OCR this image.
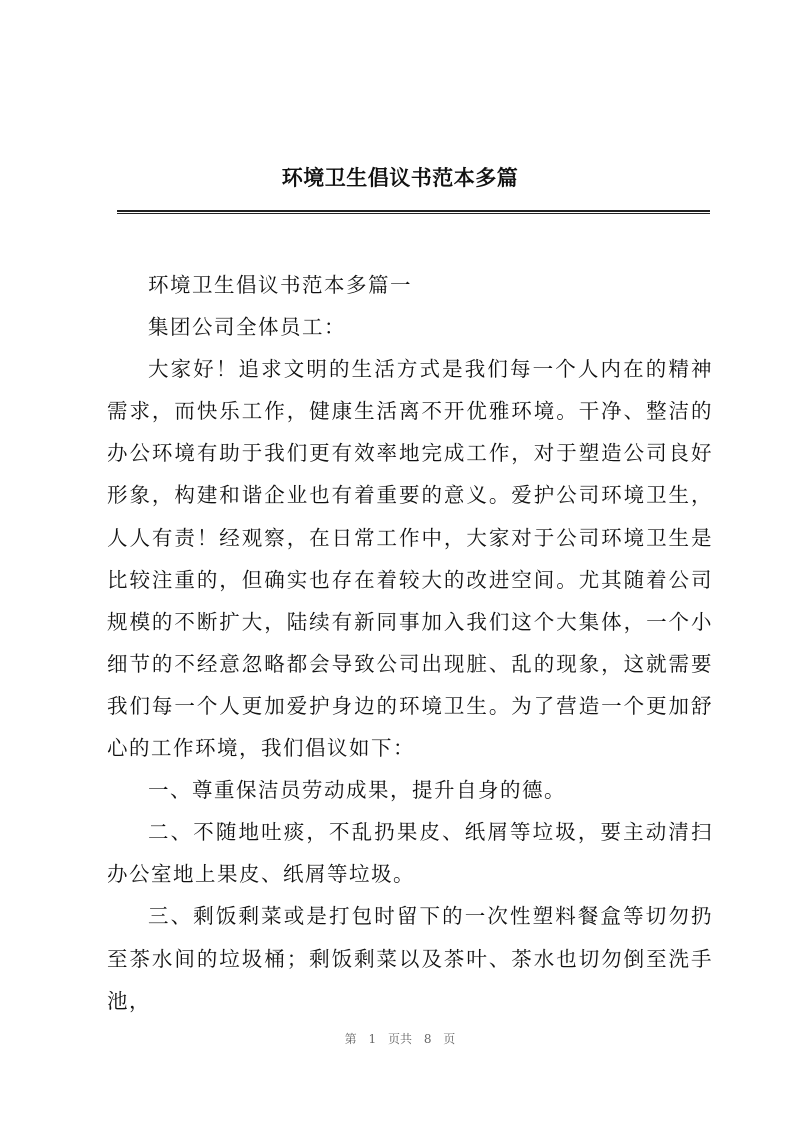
环境卫生倡议书范本多篇

环境卫生倡议书范本多篇一

集团公司全体员工：

大家好！追求文明的生活方式是我们每一个人内在的精神需求，而快乐工作，健康生活离不开优雅环境。干净、整洁的办公环境有助于我们更有效率地完成工作，对于塑造公司良好形象，构建和谐企业也有着重要的意义。爱护公司环境卫生，人人有责！经观察，在日常工作中，大家对于公司环境卫生是比较注重的，但确实也存在着较大的改进空间。尤其随着公司规模的不断扩大，陆续有新同事加入我们这个大集体，一个小细节的不经意忽略都会导致公司出现脏、乱的现象，这就需要我们每一个人更加爱护身边的环境卫生。为了营造一个更加舒心的工作环境，我们倡议如下：

一、尊重保洁员劳动成果，提升自身的德。

二、不随地吐痰，不乱扔果皮、纸屑等垃圾，要主动清扫办公室地上果皮、纸屑等垃圾。

三、剩饭剩菜或是打包时留下的一次性塑料餐盒等切勿扔至茶水间的垃圾桶；剩饭剩菜以及茶叶、茶水也切勿倒至洗手池，

第 1 页共 8 页
